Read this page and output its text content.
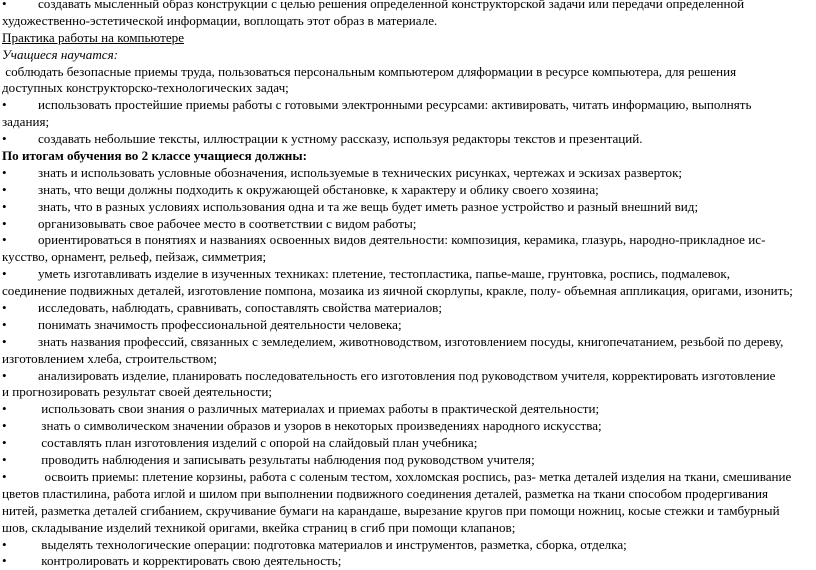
• создавать мысленный образ конструкции с целью решения определенной конструкторской задачи или передачи определенной
художественно-эстетической информации, воплощать этот образ в материале.
Практика работы на компьютере
Учащиеся научатся:
соблюдать безопасные приемы труда, пользоваться персональным компьютером дляформации в ресурсе компьютера, для решения
доступных конструкторско-технологических задач;
• использовать простейшие приемы работы с готовыми электронными ресурсами: активировать, читать информацию, выполнять
задания;
• создавать небольшие тексты, иллюстрации к устному рассказу, используя редакторы текстов и презентаций.
По итогам обучения во 2 классе учащиеся должны:
• знать и использовать условные обозначения, используемые в технических рисунках, чертежах и эскизах разверток;
• знать, что вещи должны подходить к окружающей обстановке, к характеру и облику своего хозяина;
• знать, что в разных условиях использования одна и та же вещь будет иметь разное устройство и разный внешний вид;
• организовывать свое рабочее место в соответствии с видом работы;
• ориентироваться в понятиях и названиях освоенных видов деятельности: композиция, керамика, глазурь, народно-прикладное ис-
кусство, орнамент, рельеф, пейзаж, симметрия;
• уметь изготавливать изделие в изученных техниках: плетение, тестопластика, папье-маше, грунтовка, роспись, подмалевок,
соединение подвижных деталей, изготовление помпона, мозаика из яичной скорлупы, кракле, полу- объемная аппликация, оригами, изонить;
• исследовать, наблюдать, сравнивать, сопоставлять свойства материалов;
• понимать значимость профессиональной деятельности человека;
• знать названия профессий, связанных с земледелием, животноводством, изготовлением посуды, книгопечатанием, резьбой по дереву,
изготовлением хлеба, строительством;
• анализировать изделие, планировать последовательность его изготовления под руководством учителя, корректировать изготовление
и прогнозировать результат своей деятельности;
• использовать свои знания о различных материалах и приемах работы в практической деятельности;
• знать о символическом значении образов и узоров в некоторых произведениях народного искусства;
• составлять план изготовления изделий с опорой на слайдовый план учебника;
• проводить наблюдения и записывать результаты наблюдения под руководством учителя;
•  освоить приемы: плетение корзины, работа с соленым тестом, хохломская роспись, раз- метка деталей изделия на ткани, смешивание
цветов пластилина, работа иглой и шилом при выполнении подвижного соединения деталей, разметка на ткани способом продергивания
нитей, разметка деталей сгибанием, скручивание бумаги на карандаше, вырезание кругов при помощи ножниц, косые стежки и тамбурный
шов, складывание изделий техникой оригами, вкейка страниц в сгиб при помощи клапанов;
• выделять технологические операции: подготовка материалов и инструментов, разметка, сборка, отделка;
• контролировать и корректировать свою деятельность;
